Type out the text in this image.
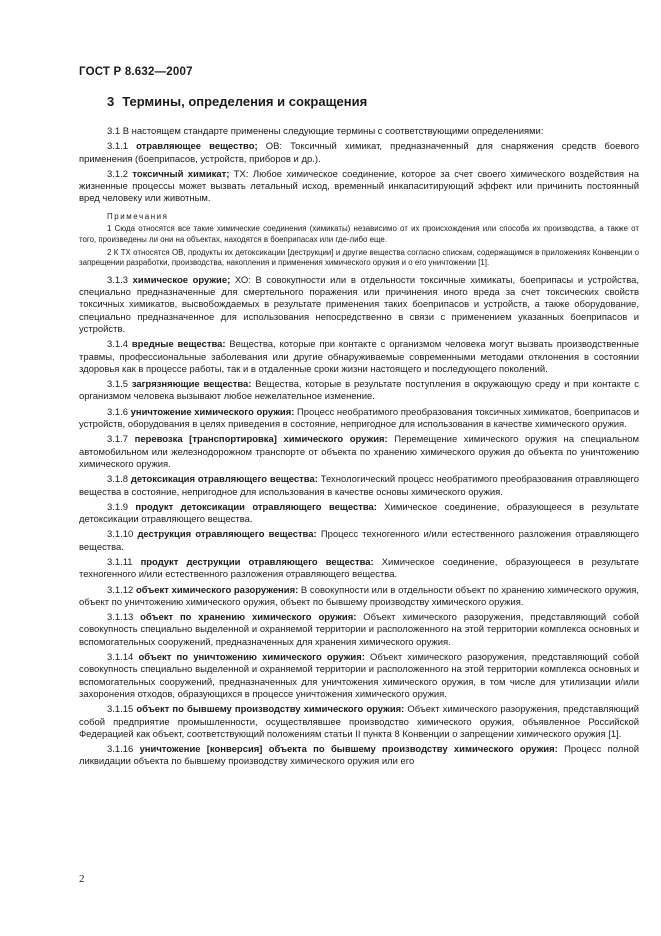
ГОСТ Р 8.632—2007
3 Термины, определения и сокращения

3.1 В настоящем стандарте применены следующие термины с соответствующими определениями:

3.1.1 отравляющее вещество; ОВ: Токсичный химикат, предназначенный для снаряжения средств боевого применения (боеприпасов, устройств, приборов и др.).

3.1.2 токсичный химикат; ТХ: Любое химическое соединение, которое за счет своего химического воздействия на жизненные процессы может вызвать летальный исход, временный инкапаситирующий эффект или причинить постоянный вред человеку или животным.

Примечания

1 Сюда относятся все такие химические соединения (химикаты) независимо от их происхождения или способа их производства, а также от того, произведены ли они на объектах, находятся в боеприпасах или где-либо еще.

2 К ТХ относятся ОВ, продукты их детоксикации [деструкции] и другие вещества согласно спискам, содержащимся в приложениях Конвенции о запрещении разработки, производства, накопления и применения химического оружия и о его уничтожении [1].

3.1.3 химическое оружие; ХО: В совокупности или в отдельности токсичные химикаты, боеприпасы и устройства, специально предназначенные для смертельного поражения или причинения иного вреда за счет токсических свойств токсичных химикатов, высвобождаемых в результате применения таких боеприпасов и устройств, а также оборудование, специально предназначенное для использования непосредственно в связи с применением указанных боеприпасов и устройств.

3.1.4 вредные вещества: Вещества, которые при контакте с организмом человека могут вызвать производственные травмы, профессиональные заболевания или другие обнаруживаемые современными методами отклонения в состоянии здоровья как в процессе работы, так и в отдаленные сроки жизни настоящего и последующего поколений.

3.1.5 загрязняющие вещества: Вещества, которые в результате поступления в окружающую среду и при контакте с организмом человека вызывают любое нежелательное изменение.

3.1.6 уничтожение химического оружия: Процесс необратимого преобразования токсичных химикатов, боеприпасов и устройств, оборудования в целях приведения в состояние, непригодное для использования в качестве химического оружия.

3.1.7 перевозка [транспортировка] химического оружия: Перемещение химического оружия на специальном автомобильном или железнодорожном транспорте от объекта по хранению химического оружия до объекта по уничтожению химического оружия.

3.1.8 детоксикация отравляющего вещества: Технологический процесс необратимого преобразования отравляющего вещества в состояние, непригодное для использования в качестве основы химического оружия.

3.1.9 продукт детоксикации отравляющего вещества: Химическое соединение, образующееся в результате детоксикации отравляющего вещества.

3.1.10 деструкция отравляющего вещества: Процесс техногенного и/или естественного разложения отравляющего вещества.

3.1.11 продукт деструкции отравляющего вещества: Химическое соединение, образующееся в результате техногенного и/или естественного разложения отравляющего вещества.

3.1.12 объект химического разоружения: В совокупности или в отдельности объект по хранению химического оружия, объект по уничтожению химического оружия, объект по бывшему производству химического оружия.

3.1.13 объект по хранению химического оружия: Объект химического разоружения, представляющий собой совокупность специально выделенной и охраняемой территории и расположенного на этой территории комплекса основных и вспомогательных сооружений, предназначенных для хранения химического оружия.

3.1.14 объект по уничтожению химического оружия: Объект химического разоружения, представляющий собой совокупность специально выделенной и охраняемой территории и расположенного на этой территории комплекса основных и вспомогательных сооружений, предназначенных для уничтожения химического оружия, в том числе для утилизации и/или захоронения отходов, образующихся в процессе уничтожения химического оружия.

3.1.15 объект по бывшему производству химического оружия: Объект химического разоружения, представляющий собой предприятие промышленности, осуществлявшее производство химического оружия, объявленное Российской Федерацией как объект, соответствующий положениям статьи II пункта 8 Конвенции о запрещении химического оружия [1].

3.1.16 уничтожение [конверсия] объекта по бывшему производству химического оружия: Процесс полной ликвидации объекта по бывшему производству химического оружия или его

2
